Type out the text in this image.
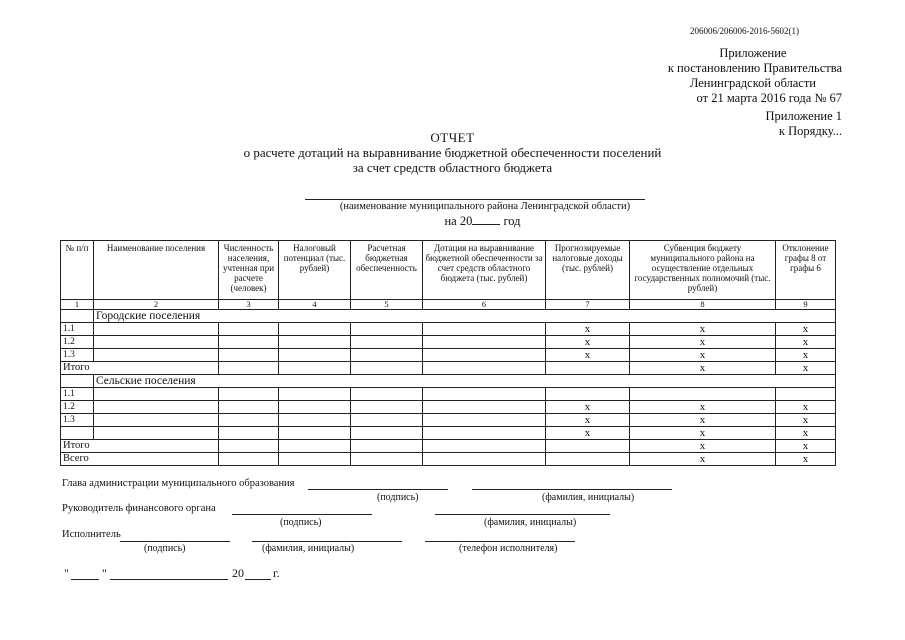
206006/206006-2016-5602(1)
Приложение
к постановлению Правительства
Ленинградской области
от 21 марта 2016 года № 67
Приложение 1
к Порядку...
ОТЧЕТ
о расчете дотаций на выравнивание бюджетной обеспеченности поселений
за счет средств областного бюджета
(наименование муниципального района Ленинградской области)
на 20 год
№ п/п	Наименование поселения	Численность населения, учтенная при расчете (человек)	Налоговый потенциал (тыс. рублей)	Расчетная бюджетная обеспеченность	Дотация на выравнивание бюджетной обеспеченности за счет средств областного бюджета (тыс. рублей)	Прогнозируемые налоговые доходы (тыс. рублей)	Субвенция бюджету муниципального района на осуществление отдельных государственных полномочий (тыс. рублей)	Отклонение графы 8 от графы 6
1	2	3	4	5	6	7	8	9
	Городские поселения							
1.1						х	х	х
1.2						х	х	х
1.3						х	х	х
Итого							х	х
	Сельские поселения							
1.1								
1.2						х	х	х
1.3						х	х	х
						х	х	х
Итого							х	х
Всего							х	х
Глава администрации муниципального образования
(подпись)	(фамилия, инициалы)
Руководитель финансового органа
(подпись)	(фамилия, инициалы)
Исполнитель
(подпись)	(фамилия, инициалы)	(телефон исполнителя)
"	"	20 г.
